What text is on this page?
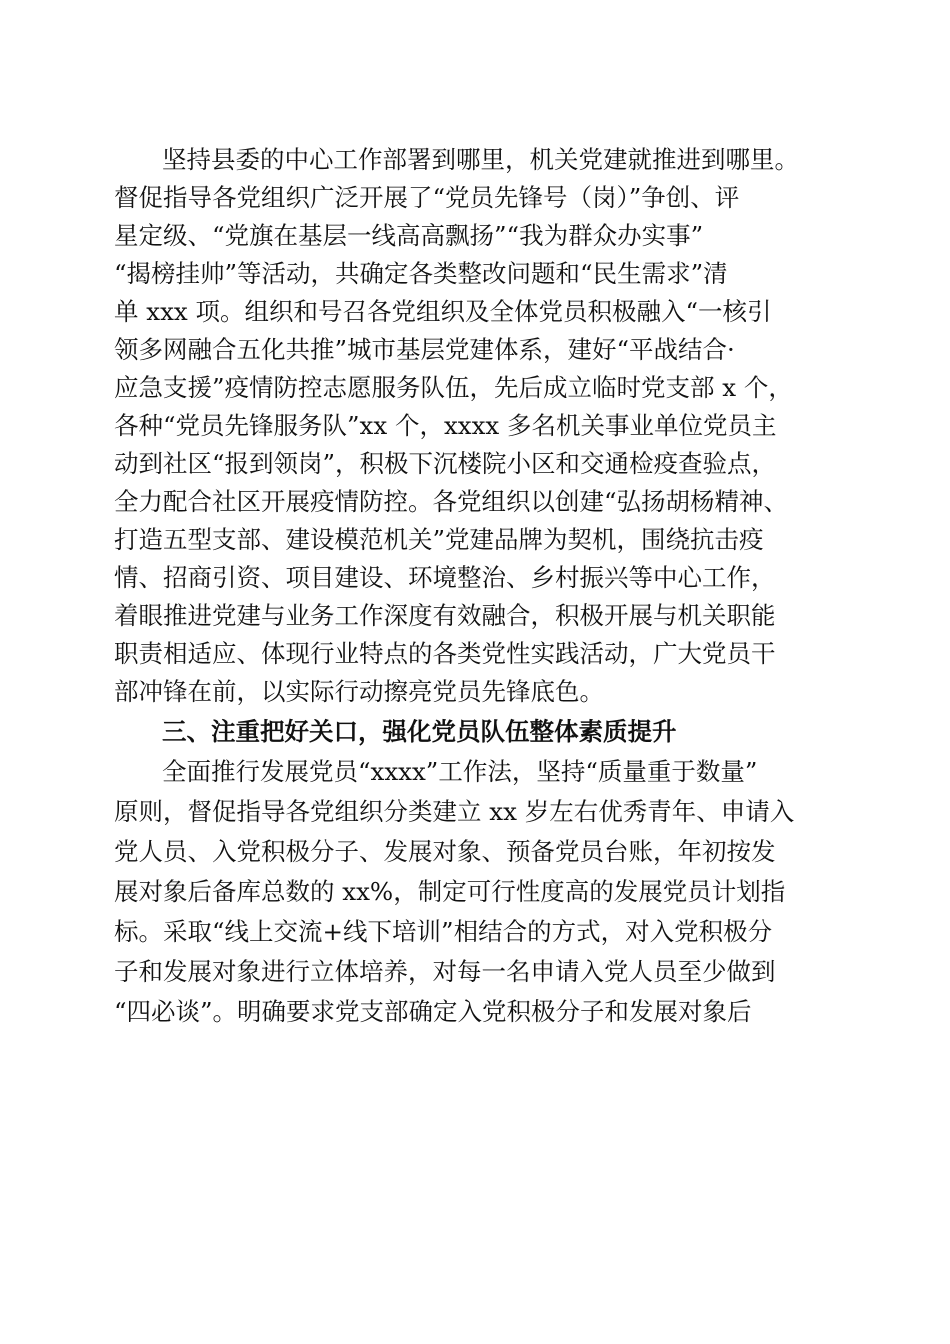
坚持县委的中心工作部署到哪里，机关党建就推进到哪里。
督促指导各党组织广泛开展了“党员先锋号（岗）”争创、评
星定级、“党旗在基层一线高高飘扬”“我为群众办实事”
“揭榜挂帅”等活动，共确定各类整改问题和“民生需求”清
单 xxx 项。组织和号召各党组织及全体党员积极融入“一核引
领多网融合五化共推”城市基层党建体系，建好“平战结合·
应急支援”疫情防控志愿服务队伍，先后成立临时党支部 x 个，
各种“党员先锋服务队”xx 个，xxxx 多名机关事业单位党员主
动到社区“报到领岗”，积极下沉楼院小区和交通检疫查验点，
全力配合社区开展疫情防控。各党组织以创建“弘扬胡杨精神、
打造五型支部、建设模范机关”党建品牌为契机，围绕抗击疫
情、招商引资、项目建设、环境整治、乡村振兴等中心工作，
着眼推进党建与业务工作深度有效融合，积极开展与机关职能
职责相适应、体现行业特点的各类党性实践活动，广大党员干
部冲锋在前，以实际行动擦亮党员先锋底色。
三、注重把好关口，强化党员队伍整体素质提升
全面推行发展党员“xxxx”工作法，坚持“质量重于数量”
原则，督促指导各党组织分类建立 xx 岁左右优秀青年、申请入
党人员、入党积极分子、发展对象、预备党员台账，年初按发
展对象后备库总数的 xx%，制定可行性度高的发展党员计划指
标。采取“线上交流+线下培训”相结合的方式，对入党积极分
子和发展对象进行立体培养，对每一名申请入党人员至少做到
“四必谈”。明确要求党支部确定入党积极分子和发展对象后
